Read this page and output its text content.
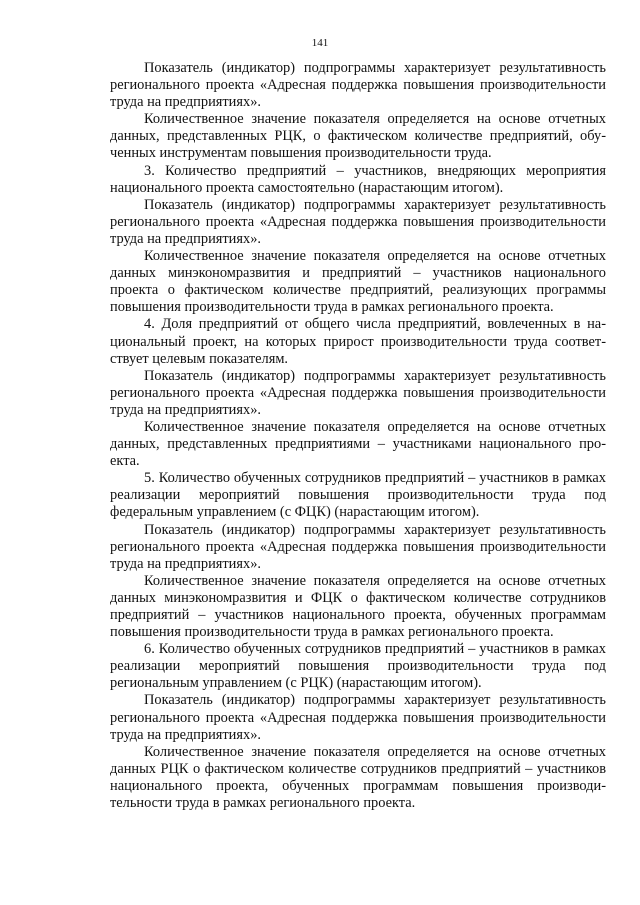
141

Показатель (индикатор) подпрограммы характеризует результативность регионального проекта «Адресная поддержка повышения производительности труда на предприятиях».

Количественное значение показателя определяется на основе отчетных данных, представленных РЦК, о фактическом количестве предприятий, обученных инструментам повышения производительности труда.

3. Количество предприятий – участников, внедряющих мероприятия национального проекта самостоятельно (нарастающим итогом).

Показатель (индикатор) подпрограммы характеризует результативность регионального проекта «Адресная поддержка повышения производительности труда на предприятиях».

Количественное значение показателя определяется на основе отчетных данных минэкономразвития и предприятий – участников национального проекта о фактическом количестве предприятий, реализующих программы повышения производительности труда в рамках регионального проекта.

4. Доля предприятий от общего числа предприятий, вовлеченных в национальный проект, на которых прирост производительности труда соответствует целевым показателям.

Показатель (индикатор) подпрограммы характеризует результативность регионального проекта «Адресная поддержка повышения производительности труда на предприятиях».

Количественное значение показателя определяется на основе отчетных данных, представленных предприятиями – участниками национального проекта.

5. Количество обученных сотрудников предприятий – участников в рамках реализации мероприятий повышения производительности труда под федеральным управлением (с ФЦК) (нарастающим итогом).

Показатель (индикатор) подпрограммы характеризует результативность регионального проекта «Адресная поддержка повышения производительности труда на предприятиях».

Количественное значение показателя определяется на основе отчетных данных минэкономразвития и ФЦК о фактическом количестве сотрудников предприятий – участников национального проекта, обученных программам повышения производительности труда в рамках регионального проекта.

6. Количество обученных сотрудников предприятий – участников в рамках реализации мероприятий повышения производительности труда под региональным управлением (с РЦК) (нарастающим итогом).

Показатель (индикатор) подпрограммы характеризует результативность регионального проекта «Адресная поддержка повышения производительности труда на предприятиях».

Количественное значение показателя определяется на основе отчетных данных РЦК о фактическом количестве сотрудников предприятий – участников национального проекта, обученных программам повышения производительности труда в рамках регионального проекта.
